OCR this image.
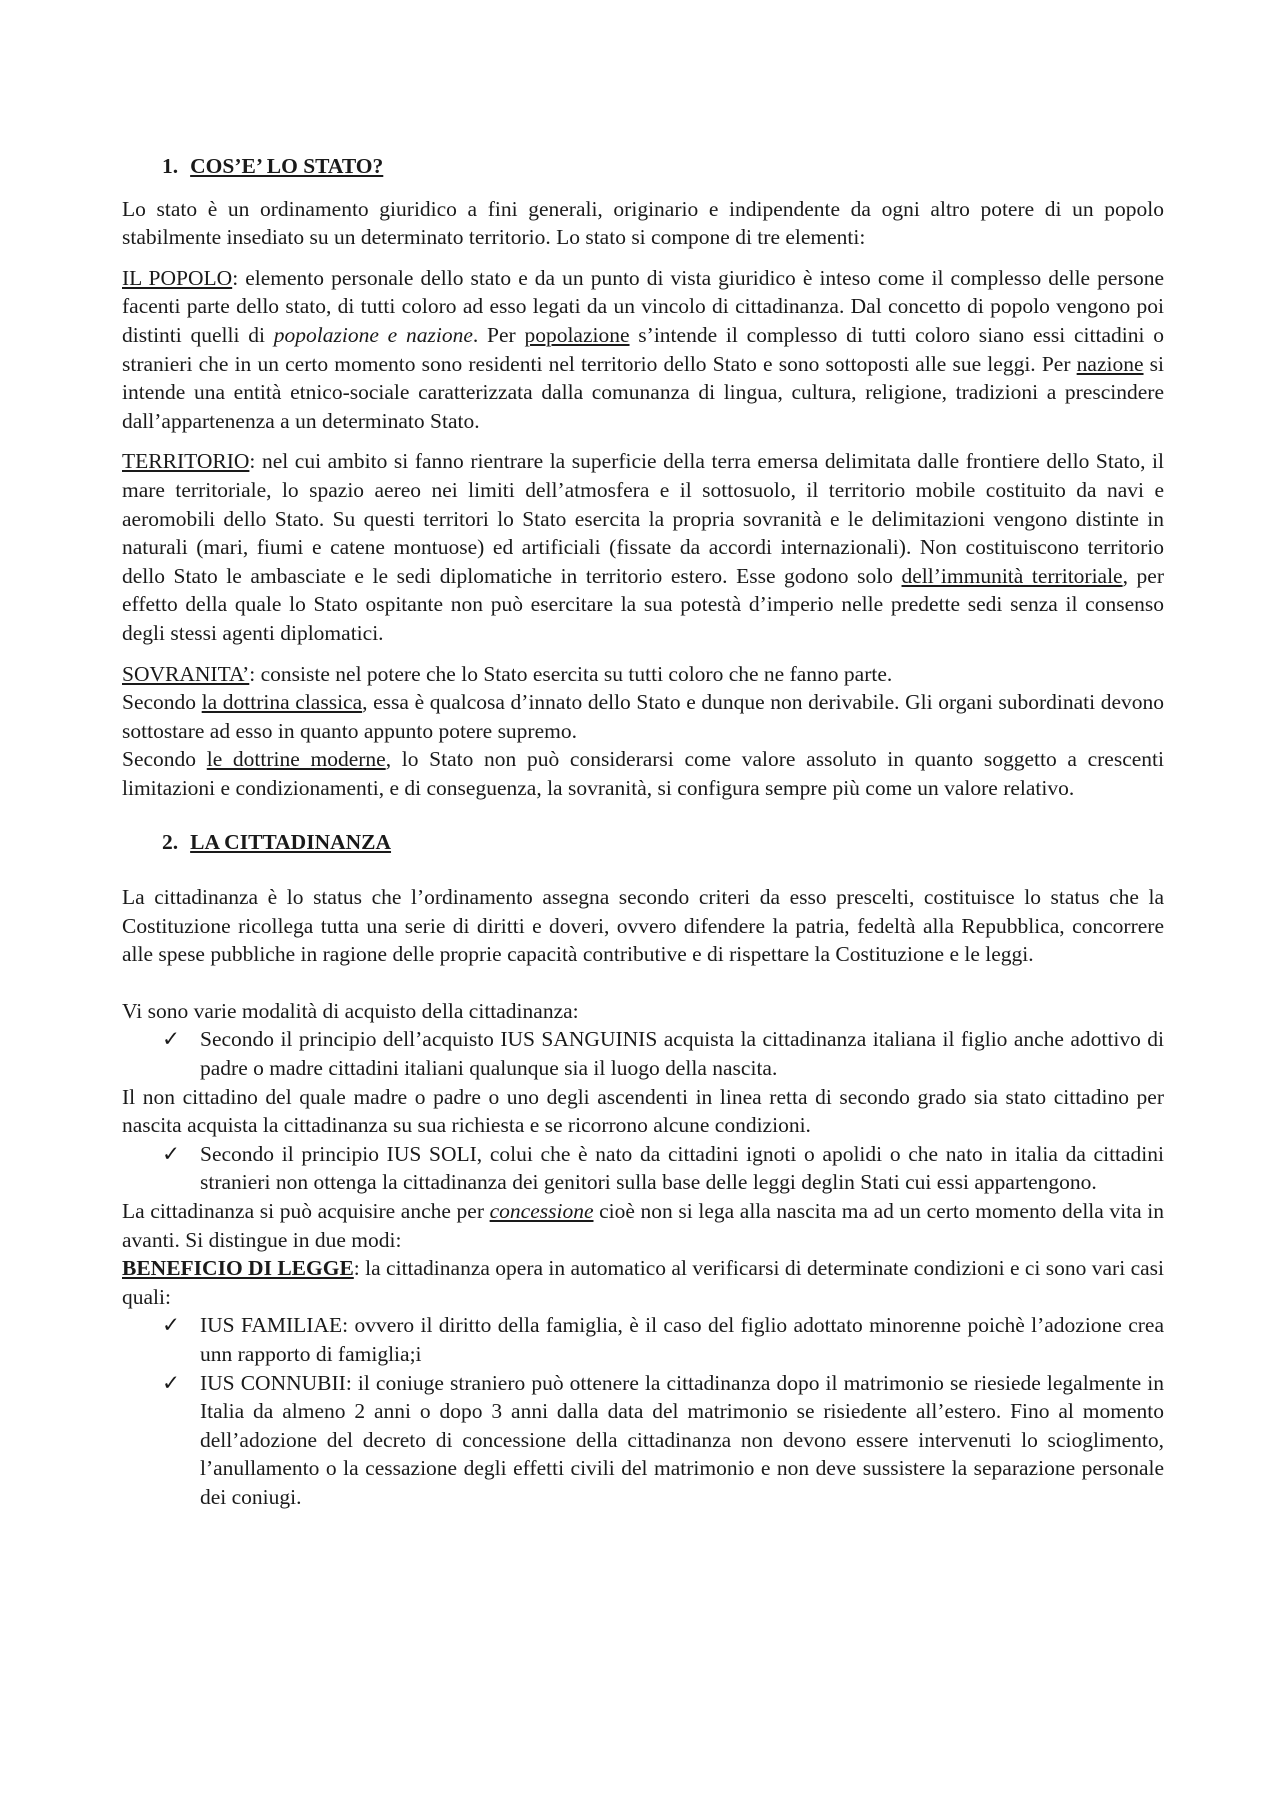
1. COS’E’ LO STATO?

Lo stato è un ordinamento giuridico a fini generali, originario e indipendente da ogni altro potere di un popolo stabilmente insediato su un determinato territorio. Lo stato si compone di tre elementi:

IL POPOLO: elemento personale dello stato e da un punto di vista giuridico è inteso come il complesso delle persone facenti parte dello stato, di tutti coloro ad esso legati da un vincolo di cittadinanza. Dal concetto di popolo vengono poi distinti quelli di popolazione e nazione. Per popolazione s’intende il complesso di tutti coloro siano essi cittadini o stranieri che in un certo momento sono residenti nel territorio dello Stato e sono sottoposti alle sue leggi. Per nazione si intende una entità etnico-sociale caratterizzata dalla comunanza di lingua, cultura, religione, tradizioni a prescindere dall’appartenenza a un determinato Stato.

TERRITORIO: nel cui ambito si fanno rientrare la superficie della terra emersa delimitata dalle frontiere dello Stato, il mare territoriale, lo spazio aereo nei limiti dell’atmosfera e il sottosuolo, il territorio mobile costituito da navi e aeromobili dello Stato. Su questi territori lo Stato esercita la propria sovranità e le delimitazioni vengono distinte in naturali (mari, fiumi e catene montuose) ed artificiali (fissate da accordi internazionali). Non costituiscono territorio dello Stato le ambasciate e le sedi diplomatiche in territorio estero. Esse godono solo dell’immunità territoriale, per effetto della quale lo Stato ospitante non può esercitare la sua potestà d’imperio nelle predette sedi senza il consenso degli stessi agenti diplomatici.

SOVRANITA’: consiste nel potere che lo Stato esercita su tutti coloro che ne fanno parte.

Secondo la dottrina classica, essa è qualcosa d’innato dello Stato e dunque non derivabile. Gli organi subordinati devono sottostare ad esso in quanto appunto potere supremo.

Secondo le dottrine moderne, lo Stato non può considerarsi come valore assoluto in quanto soggetto a crescenti limitazioni e condizionamenti, e di conseguenza, la sovranità, si configura sempre più come un valore relativo.

2. LA CITTADINANZA

La cittadinanza è lo status che l’ordinamento assegna secondo criteri da esso prescelti, costituisce lo status che la Costituzione ricollega tutta una serie di diritti e doveri, ovvero difendere la patria, fedeltà alla Repubblica, concorrere alle spese pubbliche in ragione delle proprie capacità contributive e di rispettare la Costituzione e le leggi.

Vi sono varie modalità di acquisto della cittadinanza:

✓ Secondo il principio dell’acquisto IUS SANGUINIS acquista la cittadinanza italiana il figlio anche adottivo di padre o madre cittadini italiani qualunque sia il luogo della nascita.

Il non cittadino del quale madre o padre o uno degli ascendenti in linea retta di secondo grado sia stato cittadino per nascita acquista la cittadinanza su sua richiesta e se ricorrono alcune condizioni.

✓ Secondo il principio IUS SOLI, colui che è nato da cittadini ignoti o apolidi o che nato in italia da cittadini stranieri non ottenga la cittadinanza dei genitori sulla base delle leggi deglin Stati cui essi appartengono.

La cittadinanza si può acquisire anche per concessione cioè non si lega alla nascita ma ad un certo momento della vita in avanti. Si distingue in due modi:

BENEFICIO DI LEGGE: la cittadinanza opera in automatico al verificarsi di determinate condizioni e ci sono vari casi quali:

✓ IUS FAMILIAE: ovvero il diritto della famiglia, è il caso del figlio adottato minorenne poichè l’adozione crea unn rapporto di famiglia;i
✓ IUS CONNUBII: il coniuge straniero può ottenere la cittadinanza dopo il matrimonio se riesiede legalmente in Italia da almeno 2 anni o dopo 3 anni dalla data del matrimonio se risiedente all’estero. Fino al momento dell’adozione del decreto di concessione della cittadinanza non devono essere intervenuti lo scioglimento, l’anullamento o la cessazione degli effetti civili del matrimonio e non deve sussistere la separazione personale dei coniugi.
